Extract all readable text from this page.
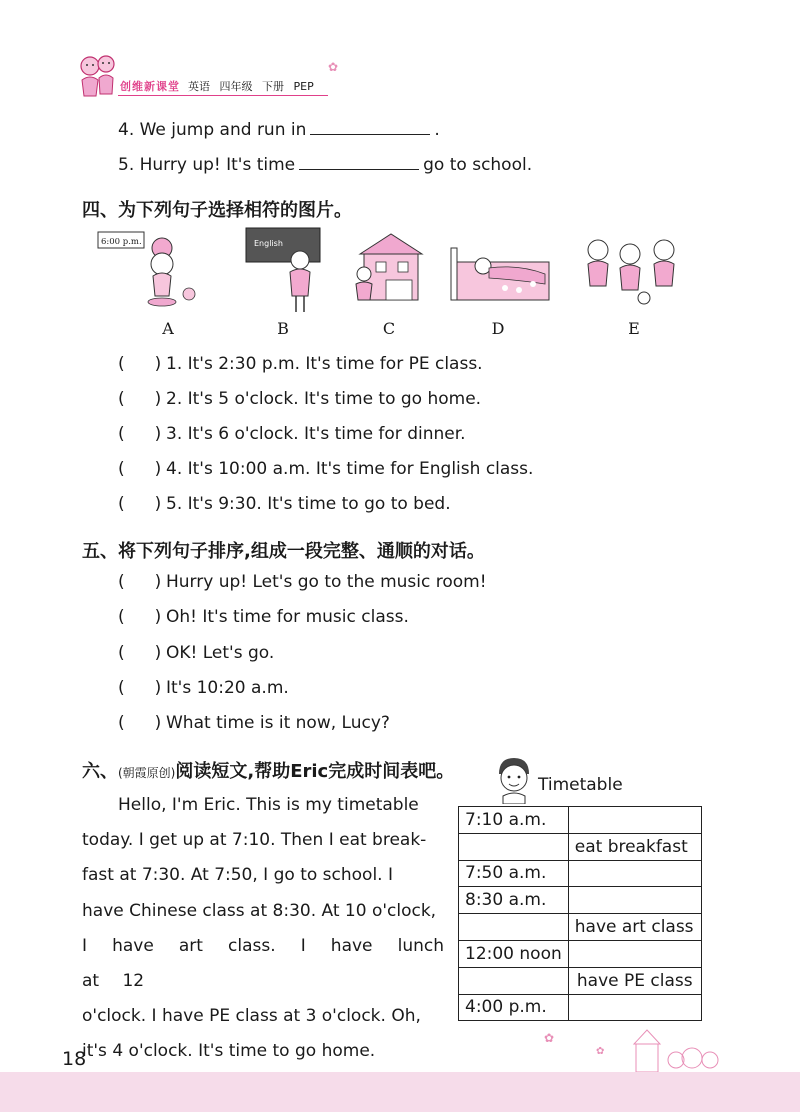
创维新课堂 英语 四年级 下册 PEP
✿
4. We jump and run in	.
5. Hurry up! It's time	go to school.
四、为下列句子选择相符的图片。
6:00 p.m.
A
English
B	C	D	E
( ) 1. It's 2:30 p.m. It's time for PE class.
( ) 2. It's 5 o'clock. It's time to go home.
( ) 3. It's 6 o'clock. It's time for dinner.
( ) 4. It's 10:00 a.m. It's time for English class.
( ) 5. It's 9:30. It's time to go to bed.
五、将下列句子排序,组成一段完整、通顺的对话。
( ) Hurry up! Let's go to the music room!
( ) Oh! It's time for music class.
( ) OK! Let's go.
( ) It's 10:20 a.m.
( ) What time is it now, Lucy?
六、(朝霞原创)阅读短文,帮助Eric完成时间表吧。
Timetable
Hello, I'm Eric. This is my timetable
today. I get up at 7:10. Then I eat break-
fast at 7:30. At 7:50, I go to school. I
have Chinese class at 8:30. At 10 o'clock,
I have art class. I have lunch at 12
o'clock. I have PE class at 3 o'clock. Oh,
it's 4 o'clock. It's time to go home.
7:10 a.m.	
	eat breakfast
7:50 a.m.	
8:30 a.m.	
	have art class
12:00 noon	
	have PE class
4:00 p.m.	
18
✿
✿
